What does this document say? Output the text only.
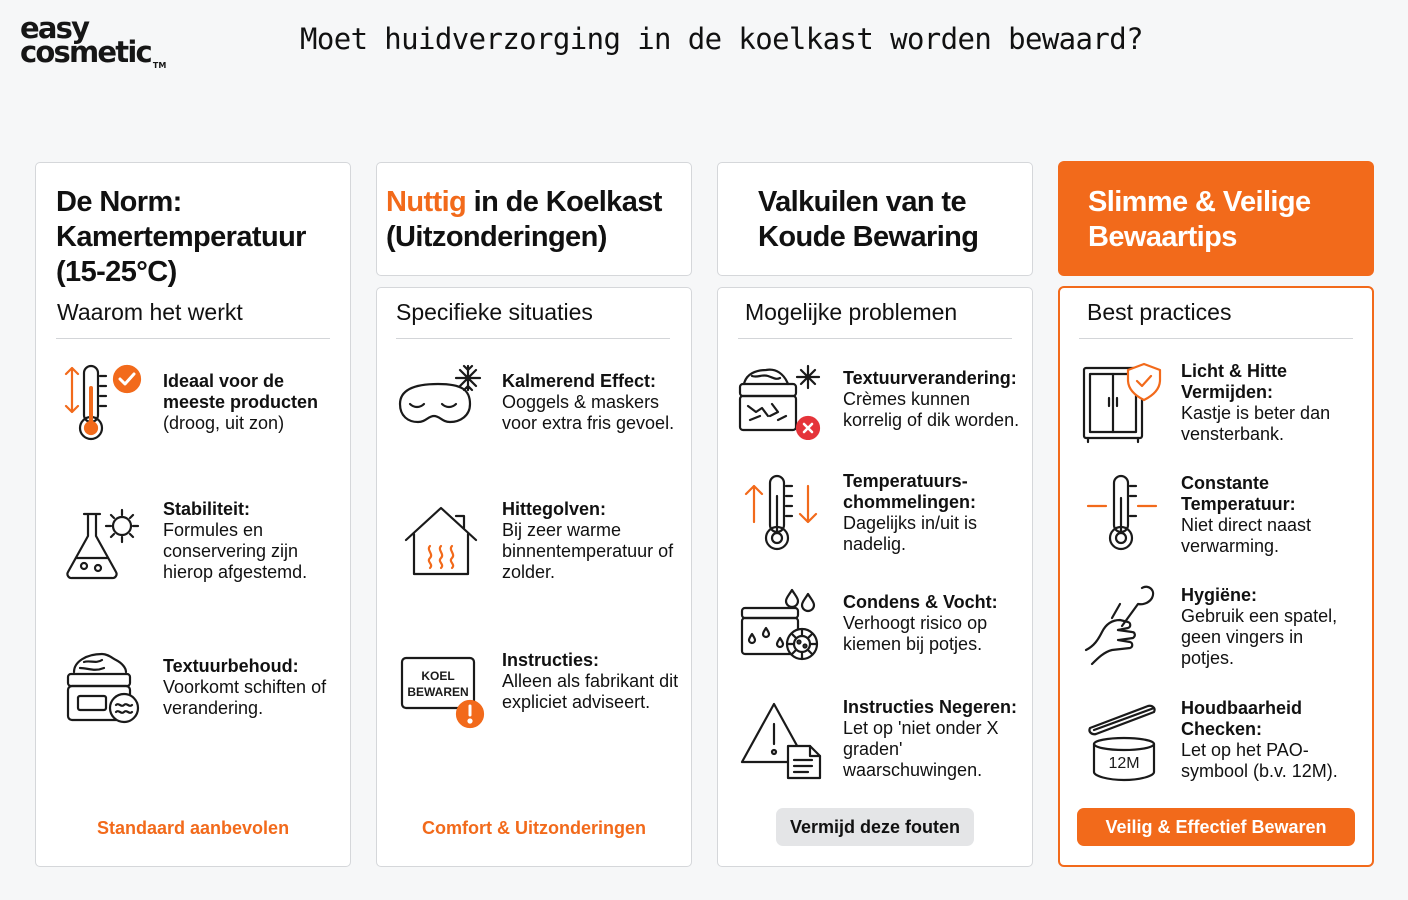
easy
cosmetic ™
Moet huidverzorging in de koelkast worden bewaard?
De Norm:
Kamertemperatuur
(15-25°C)
Waarom het werkt
Ideaal voor de meeste producten
(droog, uit zon)
Stabiliteit:
Formules en conservering zijn hierop afgestemd.
Textuurbehoud:
Voorkomt schiften of verandering.
Standaard aanbevolen
Nuttig in de Koelkast
(Uitzonderingen)
Specifieke situaties
Kalmerend Effect:
Ooggels & maskers voor extra fris gevoel.
Hittegolven:
Bij zeer warme binnentemperatuur of zolder.
KOEL
BEWAREN
Instructies:
Alleen als fabrikant dit expliciet adviseert.
Comfort & Uitzonderingen
Valkuilen van te
Koude Bewaring
Mogelijke problemen
Textuurverandering:
Crèmes kunnen korrelig of dik worden.
Temperatuurs-
chommelingen:
Dagelijks in/uit is nadelig.
Condens & Vocht:
Verhoogt risico op kiemen bij potjes.
Instructies Negeren:
Let op 'niet onder X graden' waarschuwingen.
Vermijd deze fouten
Slimme & Veilige
Bewaartips
Best practices
Licht & Hitte Vermijden:
Kastje is beter dan vensterbank.
Constante Temperatuur:
Niet direct naast verwarming.
Hygiëne:
Gebruik een spatel, geen vingers in potjes.
12M
Houdbaarheid Checken:
Let op het PAO-symbool (b.v. 12M).
Veilig & Effectief Bewaren
